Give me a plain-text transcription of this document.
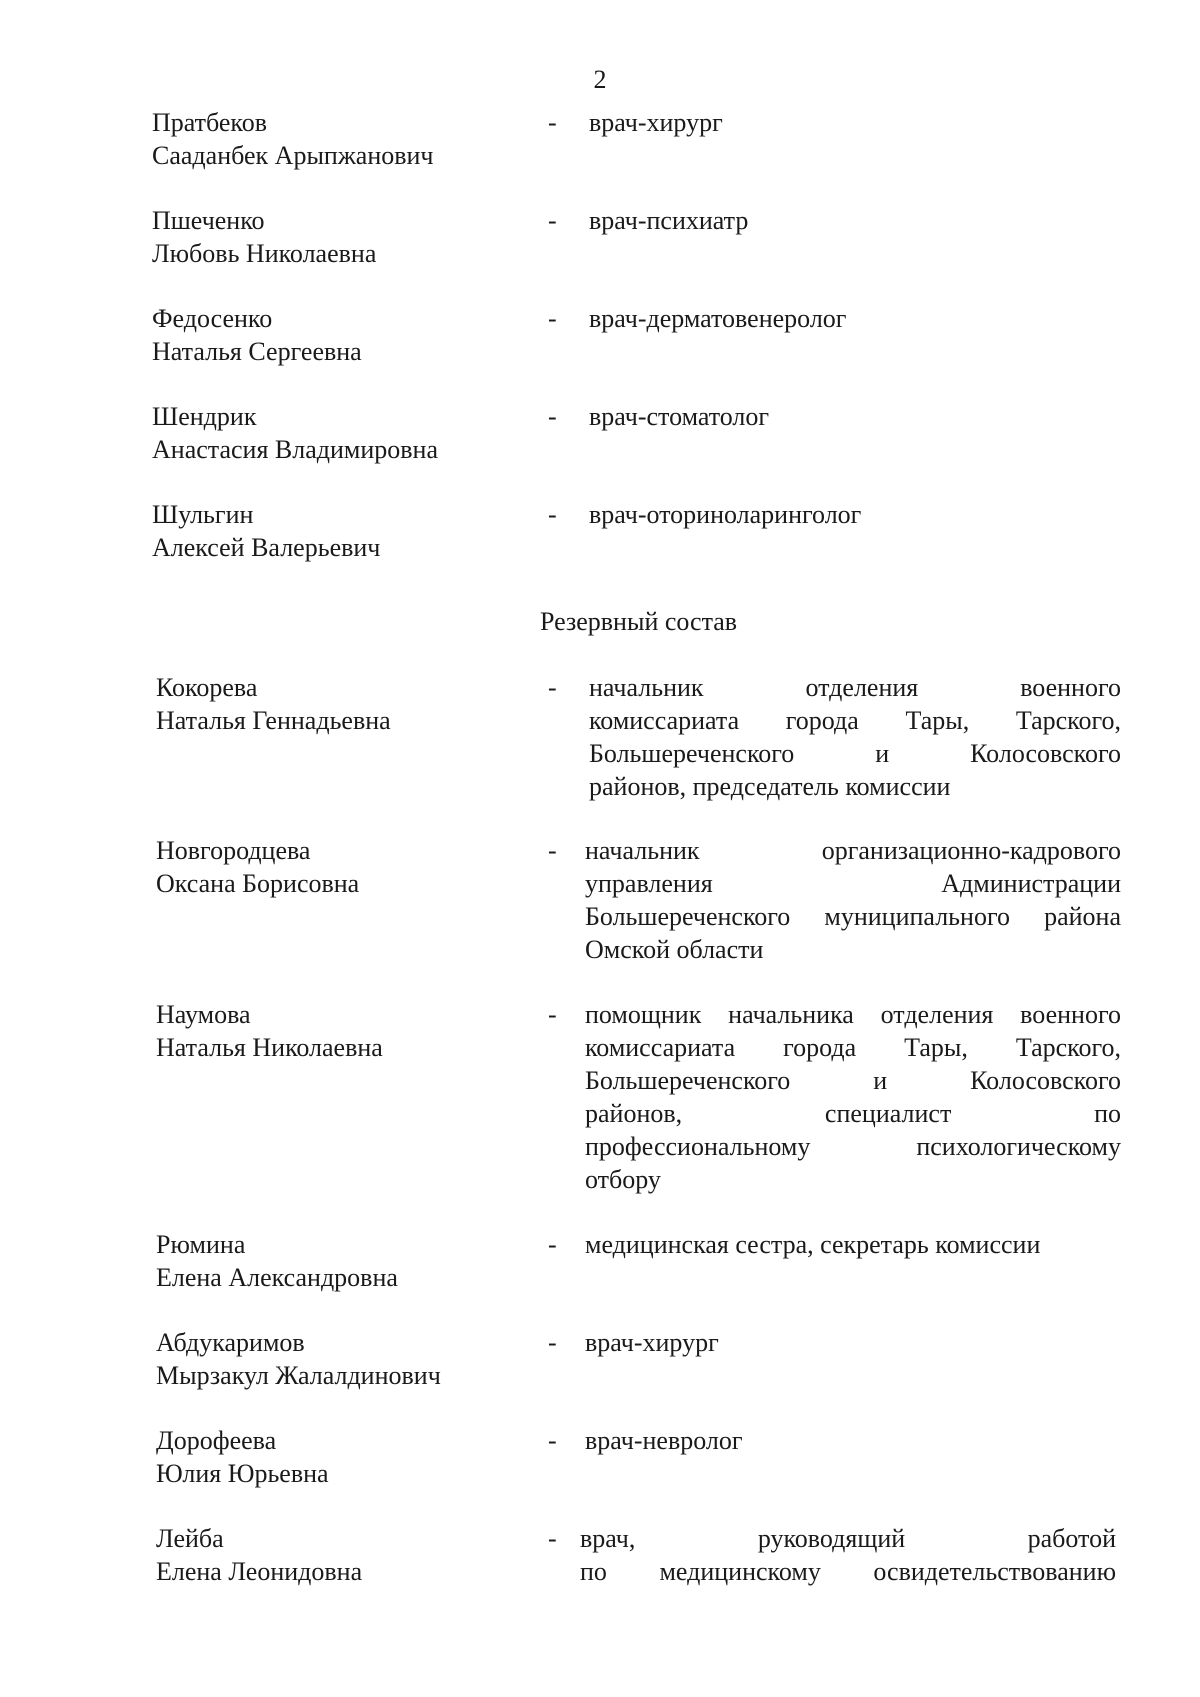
2
Пратбеков
Сааданбек Арыпжанович
- врач-хирург
Пшеченко
Любовь Николаевна
- врач-психиатр
Федосенко
Наталья Сергеевна
- врач-дерматовенеролог
Шендрик
Анастасия Владимировна
- врач-стоматолог
Шульгин
Алексей Валерьевич
- врач-оториноларинголог
Резервный состав
Кокорева
Наталья Геннадьевна
- начальник отделения военного
комиссариата города Тары, Тарского,
Большереченского и Колосовского
районов, председатель комиссии
Новгородцева
Оксана Борисовна
- начальник организационно-кадрового
управления Администрации
Большереченского муниципального района
Омской области
Наумова
Наталья Николаевна
- помощник начальника отделения военного
комиссариата города Тары, Тарского,
Большереченского и Колосовского
районов, специалист по
профессиональному психологическому
отбору
Рюмина
Елена Александровна
- медицинская сестра, секретарь комиссии
Абдукаримов
Мырзакул Жалалдинович
- врач-хирург
Дорофеева
Юлия Юрьевна
- врач-невролог
Лейба
Елена Леонидовна
- врач, руководящий работой
по медицинскому освидетельствованию
